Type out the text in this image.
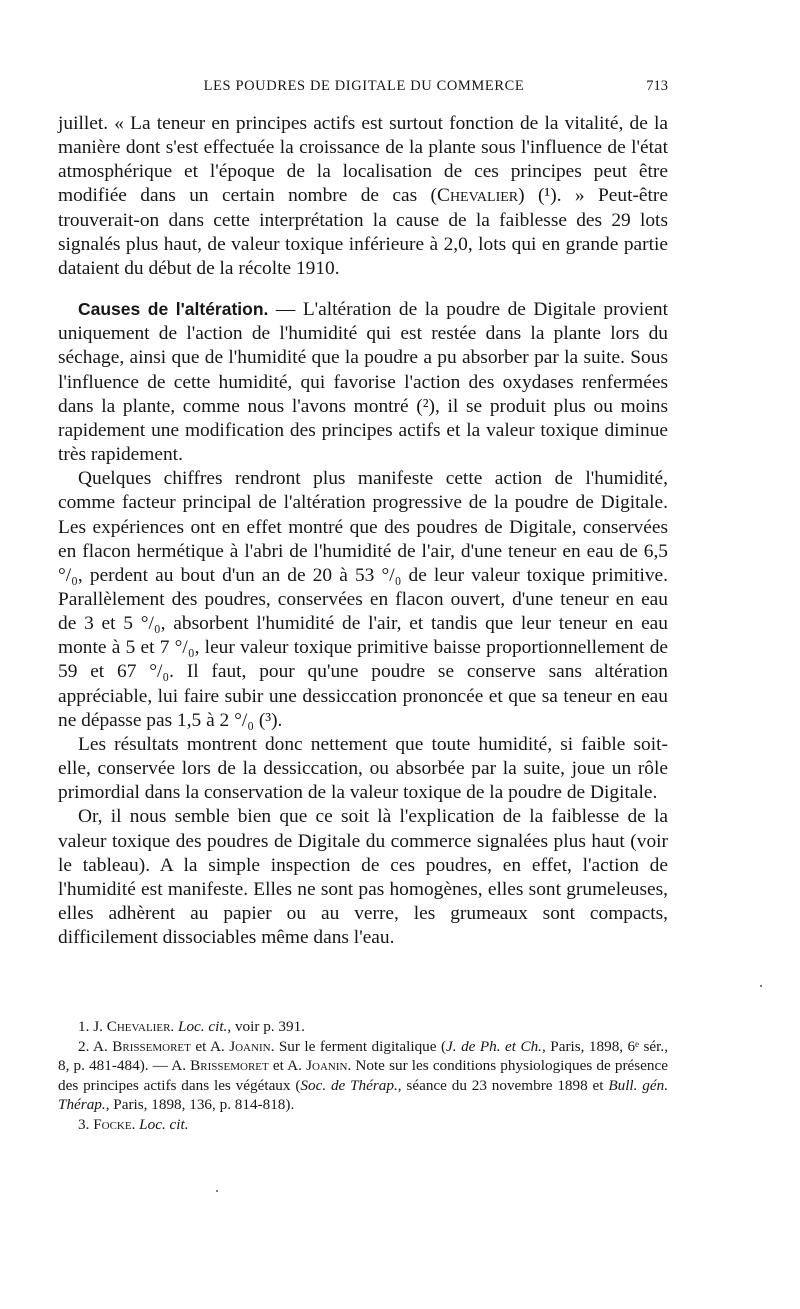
LES POUDRES DE DIGITALE DU COMMERCE	713

juillet. « La teneur en principes actifs est surtout fonction de la vitalité, de la manière dont s'est effectuée la croissance de la plante sous l'influence de l'état atmosphérique et l'époque de la localisation de ces principes peut être modifiée dans un certain nombre de cas (Chevalier) (¹). » Peut-être trouverait-on dans cette interprétation la cause de la faiblesse des 29 lots signalés plus haut, de valeur toxique inférieure à 2,0, lots qui en grande partie dataient du début de la récolte 1910.

Causes de l'altération. — L'altération de la poudre de Digitale provient uniquement de l'action de l'humidité qui est restée dans la plante lors du séchage, ainsi que de l'humidité que la poudre a pu absorber par la suite. Sous l'influence de cette humidité, qui favorise l'action des oxydases renfermées dans la plante, comme nous l'avons montré (²), il se produit plus ou moins rapidement une modification des principes actifs et la valeur toxique diminue très rapidement.

Quelques chiffres rendront plus manifeste cette action de l'humidité, comme facteur principal de l'altération progressive de la poudre de Digitale. Les expériences ont en effet montré que des poudres de Digitale, conservées en flacon hermétique à l'abri de l'humidité de l'air, d'une teneur en eau de 6,5 °/₀, perdent au bout d'un an de 20 à 53 °/₀ de leur valeur toxique primitive. Parallèlement des poudres, conservées en flacon ouvert, d'une teneur en eau de 3 et 5 °/₀, absorbent l'humidité de l'air, et tandis que leur teneur en eau monte à 5 et 7 °/₀, leur valeur toxique primitive baisse proportionnellement de 59 et 67 °/₀. Il faut, pour qu'une poudre se conserve sans altération appréciable, lui faire subir une dessiccation prononcée et que sa teneur en eau ne dépasse pas 1,5 à 2 °/₀ (³).

Les résultats montrent donc nettement que toute humidité, si faible soit-elle, conservée lors de la dessiccation, ou absorbée par la suite, joue un rôle primordial dans la conservation de la valeur toxique de la poudre de Digitale.

Or, il nous semble bien que ce soit là l'explication de la faiblesse de la valeur toxique des poudres de Digitale du commerce signalées plus haut (voir le tableau). A la simple inspection de ces poudres, en effet, l'action de l'humidité est manifeste. Elles ne sont pas homogènes, elles sont grumeleuses, elles adhèrent au papier ou au verre, les grumeaux sont compacts, difficilement dissociables même dans l'eau.

1. J. Chevalier. Loc. cit., voir p. 391.

2. A. Brissemoret et A. Joanin. Sur le ferment digitalique (J. de Ph. et Ch., Paris, 1898, 6ᵉ sér., 8, p. 481-484). — A. Brissemoret et A. Joanin. Note sur les conditions physiologiques de présence des principes actifs dans les végétaux (Soc. de Thérap., séance du 23 novembre 1898 et Bull. gén. Thérap., Paris, 1898, 136, p. 814-818).

3. Focke. Loc. cit.
